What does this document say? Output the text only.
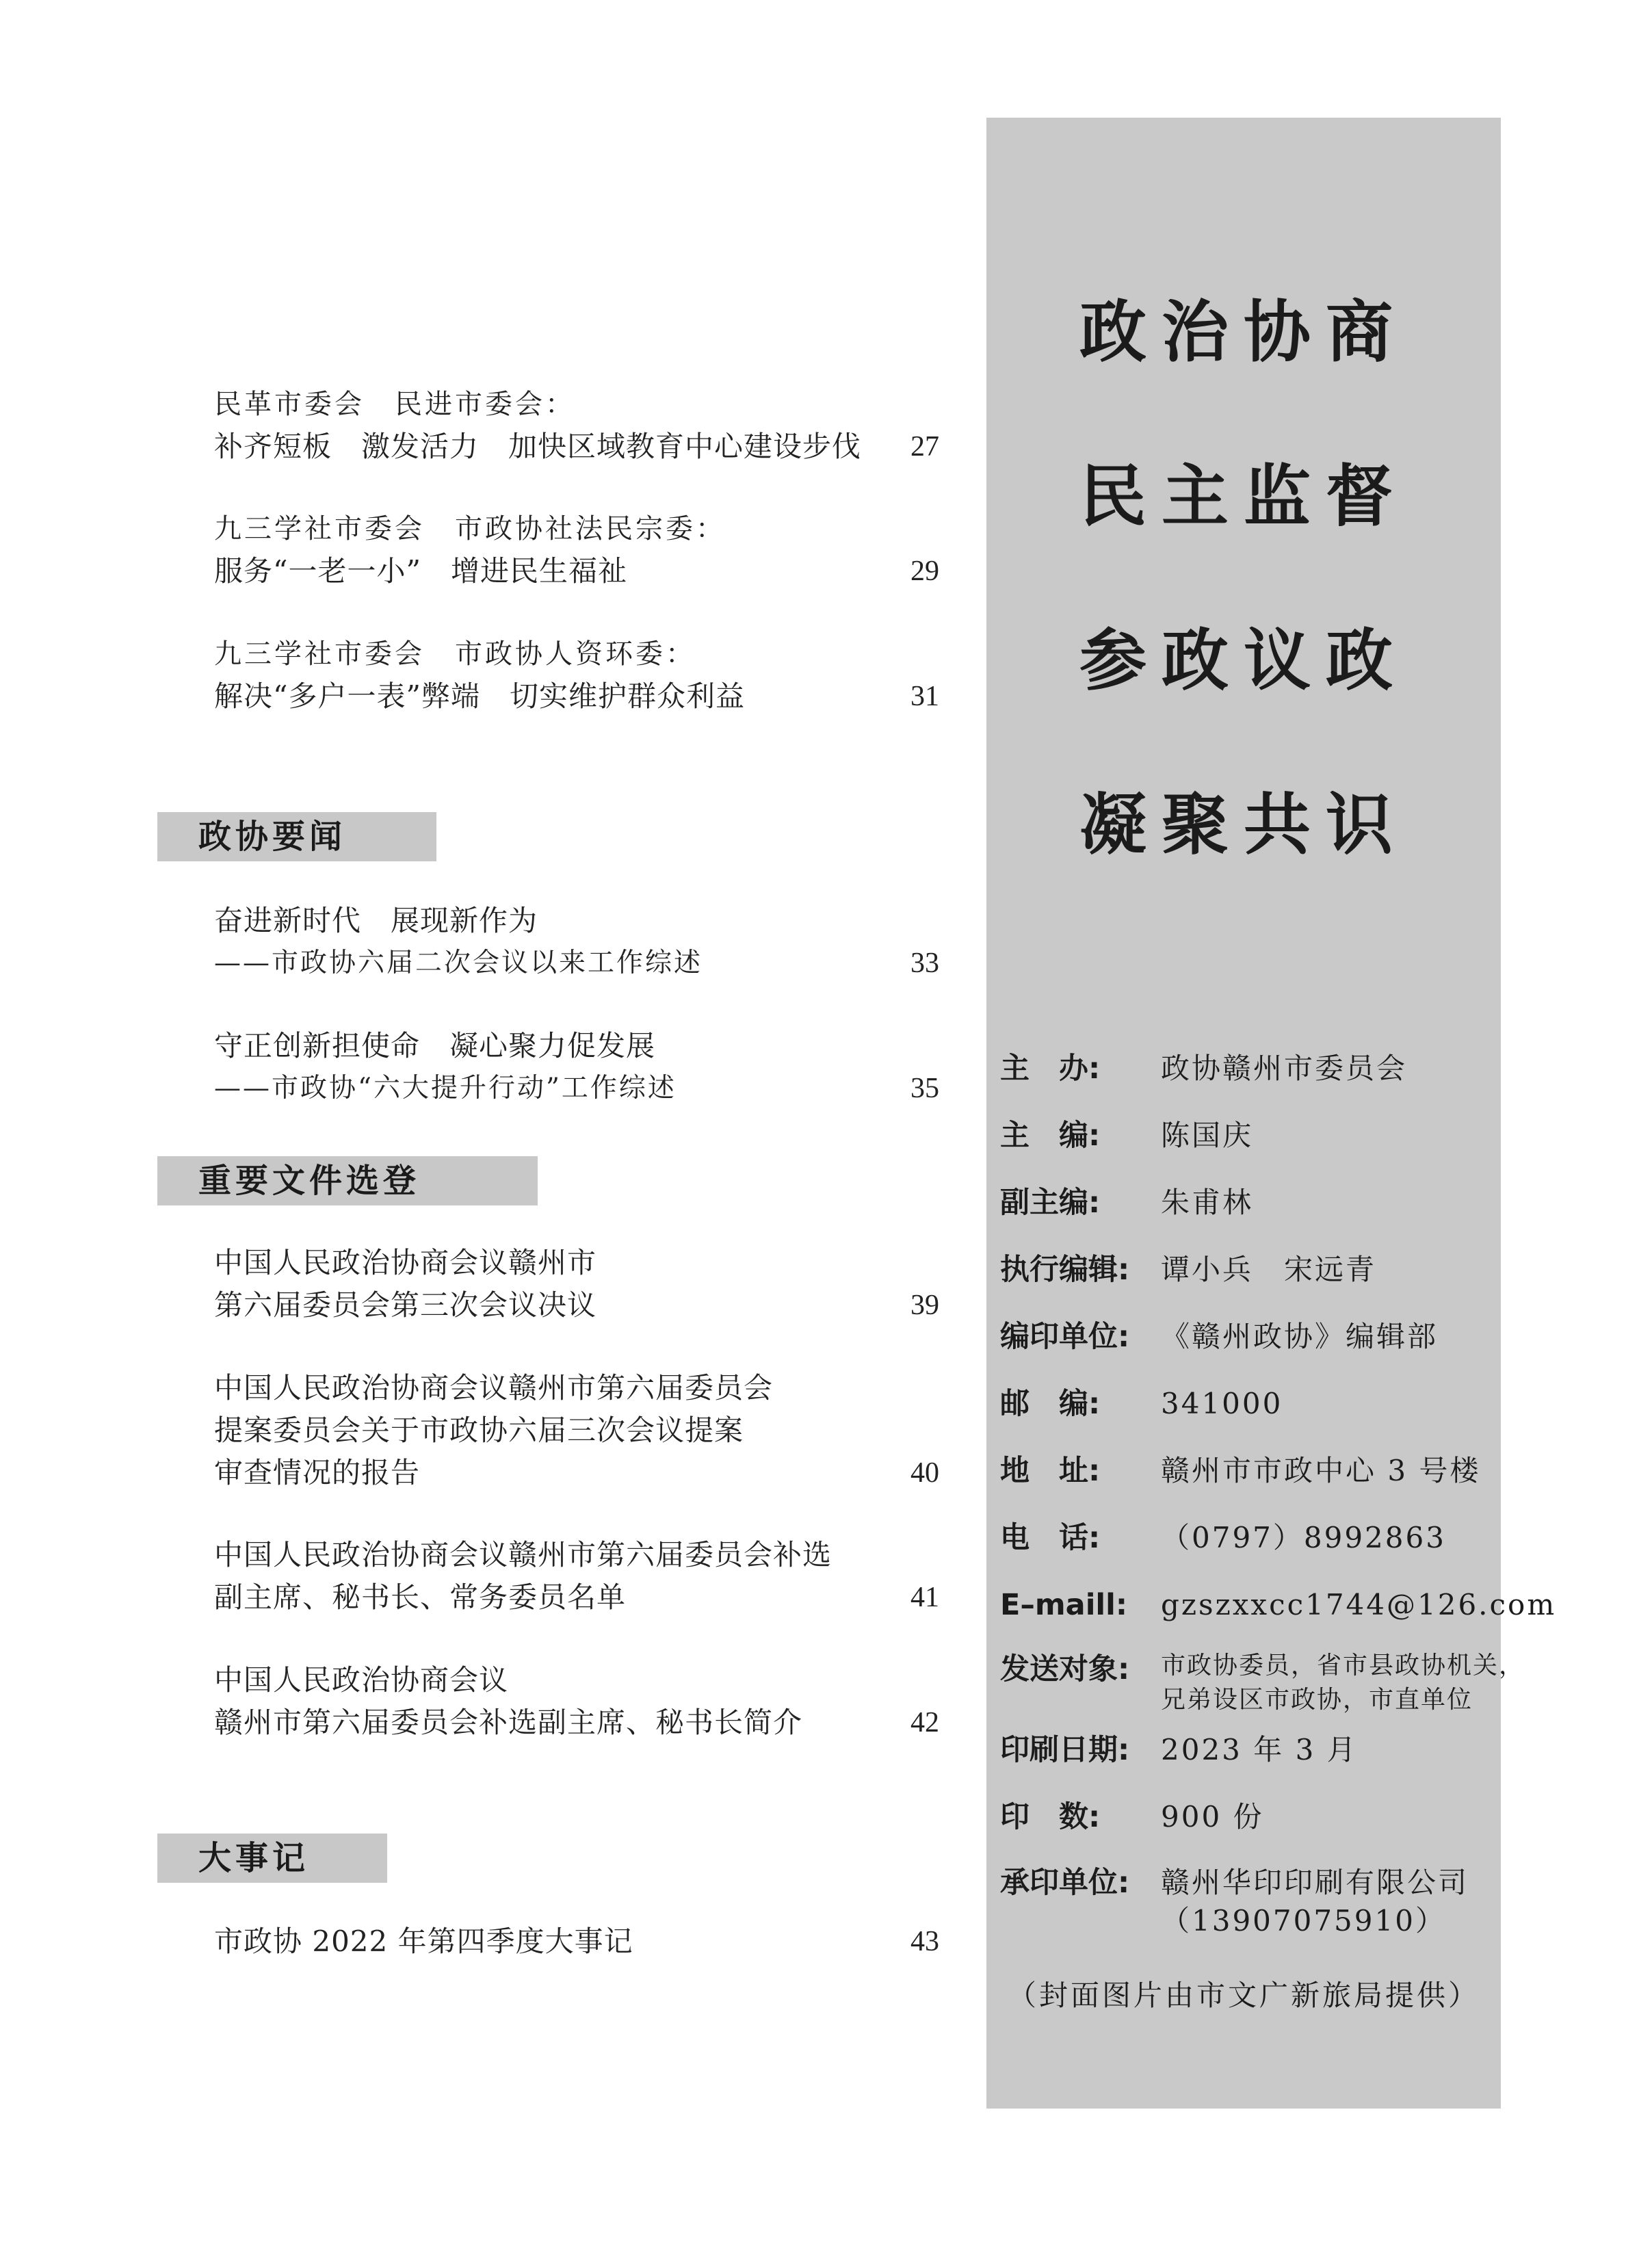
民革市委会　民进市委会：
补齐短板　激发活力　加快区域教育中心建设步伐	27
九三学社市委会　市政协社法民宗委：
服务“一老一小”　增进民生福祉	29
九三学社市委会　市政协人资环委：
解决“多户一表”弊端　切实维护群众利益	31
政协要闻
奋进新时代　展现新作为
——市政协六届二次会议以来工作综述	33
守正创新担使命　凝心聚力促发展
——市政协“六大提升行动”工作综述	35
重要文件选登
中国人民政治协商会议赣州市
第六届委员会第三次会议决议	39
中国人民政治协商会议赣州市第六届委员会
提案委员会关于市政协六届三次会议提案
审查情况的报告	40
中国人民政治协商会议赣州市第六届委员会补选
副主席、秘书长、常务委员名单	41
中国人民政治协商会议
赣州市第六届委员会补选副主席、秘书长简介	42
大事记
市政协 2022 年第四季度大事记	43
政治协商
民主监督
参政议政
凝聚共识
主　办:	政协赣州市委员会
主　编:	陈国庆
副主编:	朱甫林
执行编辑:	谭小兵　宋远青
编印单位:	《赣州政协》编辑部
邮　编:	341000
地　址:	赣州市市政中心 3 号楼
电　话:	（0797）8992863
E–maill:	gzszxxcc1744@126.com
发送对象:	市政协委员，省市县政协机关，
兄弟设区市政协，市直单位
印刷日期:	2023 年 3 月
印　数:	900 份
承印单位:	赣州华印印刷有限公司
（13907075910）
（封面图片由市文广新旅局提供）
